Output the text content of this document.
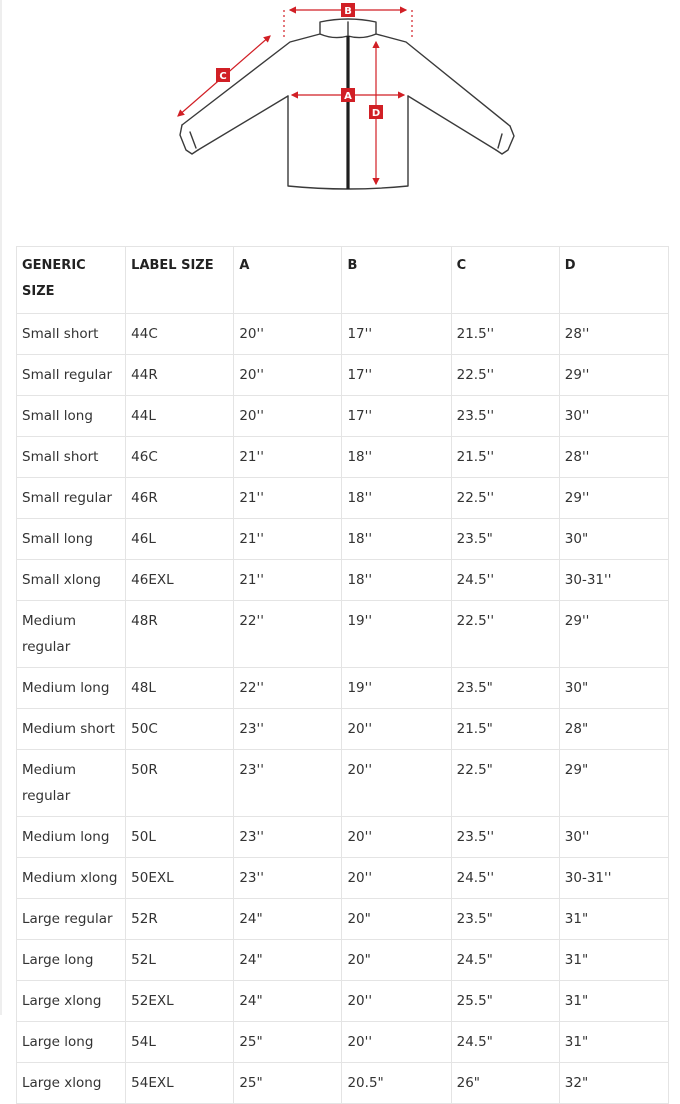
B
C
A
D
GENERIC SIZE	LABEL SIZE	A	B	C	D
Small short	44C	20''	17''	21.5''	28''
Small regular	44R	20''	17''	22.5''	29''
Small long	44L	20''	17''	23.5''	30''
Small short	46C	21''	18''	21.5''	28''
Small regular	46R	21''	18''	22.5''	29''
Small long	46L	21''	18''	23.5"	30"
Small xlong	46EXL	21''	18''	24.5''	30-31''
Medium regular	48R	22''	19''	22.5''	29''
Medium long	48L	22''	19''	23.5"	30"
Medium short	50C	23''	20''	21.5"	28"
Medium regular	50R	23''	20''	22.5"	29"
Medium long	50L	23''	20''	23.5''	30''
Medium xlong	50EXL	23''	20''	24.5''	30-31''
Large regular	52R	24"	20"	23.5"	31"
Large long	52L	24"	20"	24.5"	31"
Large xlong	52EXL	24"	20''	25.5"	31"
Large long	54L	25"	20''	24.5"	31"
Large xlong	54EXL	25"	20.5"	26"	32"
